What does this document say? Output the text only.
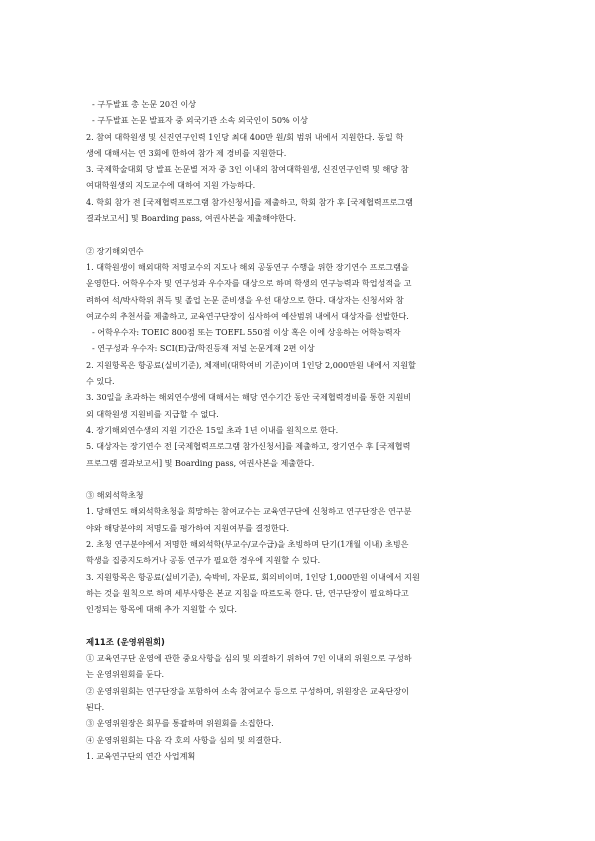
- 구두발표 총 논문 20건 이상
- 구두발표 논문 발표자 중 외국기관 소속 외국인이 50% 이상
2. 참여 대학원생 및 신진연구인력 1인당 최대 400만 원/회 범위 내에서 지원한다. 동일 학
생에 대해서는 연 3회에 한하여 참가 제 경비를 지원한다.
3. 국제학술대회 당 발표 논문별 저자 중 3인 이내의 참여대학원생, 신진연구인력 및 해당 참
여대학원생의 지도교수에 대하여 지원 가능하다.
4. 학회 참가 전 [국제협력프로그램 참가신청서]를 제출하고, 학회 참가 후 [국제협력프로그램
결과보고서] 및 Boarding pass, 여권사본을 제출해야한다.
② 장기해외연수
1. 대학원생이 해외대학 저명교수의 지도나 해외 공동연구 수행을 위한 장기연수 프로그램을
운영한다. 어학우수자 및 연구성과 우수자를 대상으로 하며 학생의 연구능력과 학업성적을 고
려하여 석/박사학위 취득 및 졸업 논문 준비생을 우선 대상으로 한다. 대상자는 신청서와 참
여교수의 추천서를 제출하고, 교육연구단장이 심사하여 예산범위 내에서 대상자를 선발한다.
- 어학우수자: TOEIC 800점 또는 TOEFL 550점 이상 혹은 이에 상응하는 어학능력자
- 연구성과 우수자: SCI(E)급/학진등재 저널 논문게재 2편 이상
2. 지원항목은 항공료(실비기준), 체재비(대학여비 기준)이며 1인당 2,000만원 내에서 지원할
수 있다.
3. 30일을 초과하는 해외연수생에 대해서는 해당 연수기간 동안 국제협력경비를 통한 지원비
외 대학원생 지원비를 지급할 수 없다.
4. 장기해외연수생의 지원 기간은 15일 초과 1년 이내를 원칙으로 한다.
5. 대상자는 장기연수 전 [국제협력프로그램 참가신청서]를 제출하고, 장기연수 후 [국제협력
프로그램 결과보고서] 및 Boarding pass, 여권사본을 제출한다.
③ 해외석학초청
1. 당해연도 해외석학초청을 희망하는 참여교수는 교육연구단에 신청하고 연구단장은 연구분
야와 해당분야의 저명도를 평가하여 지원여부를 결정한다.
2. 초청 연구분야에서 저명한 해외석학(부교수/교수급)을 초빙하며 단기(1개월 이내) 초빙은
학생을 집중지도하거나 공동 연구가 필요한 경우에 지원할 수 있다.
3. 지원항목은 항공료(실비기준), 숙박비, 자문료, 회의비이며, 1인당 1,000만원 이내에서 지원
하는 것을 원칙으로 하며 세부사항은 본교 지침을 따르도록 한다. 단, 연구단장이 필요하다고
인정되는 항목에 대해 추가 지원할 수 있다.
제11조 (운영위원회)
① 교육연구단 운영에 관한 중요사항을 심의 및 의결하기 위하여 7인 이내의 위원으로 구성하
는 운영위원회를 둔다.
② 운영위원회는 연구단장을 포함하여 소속 참여교수 등으로 구성하며, 위원장은 교육단장이
된다.
③ 운영위원장은 회무를 통괄하며 위원회를 소집한다.
④ 운영위원회는 다음 각 호의 사항을 심의 및 의결한다.
1. 교육연구단의 연간 사업계획
